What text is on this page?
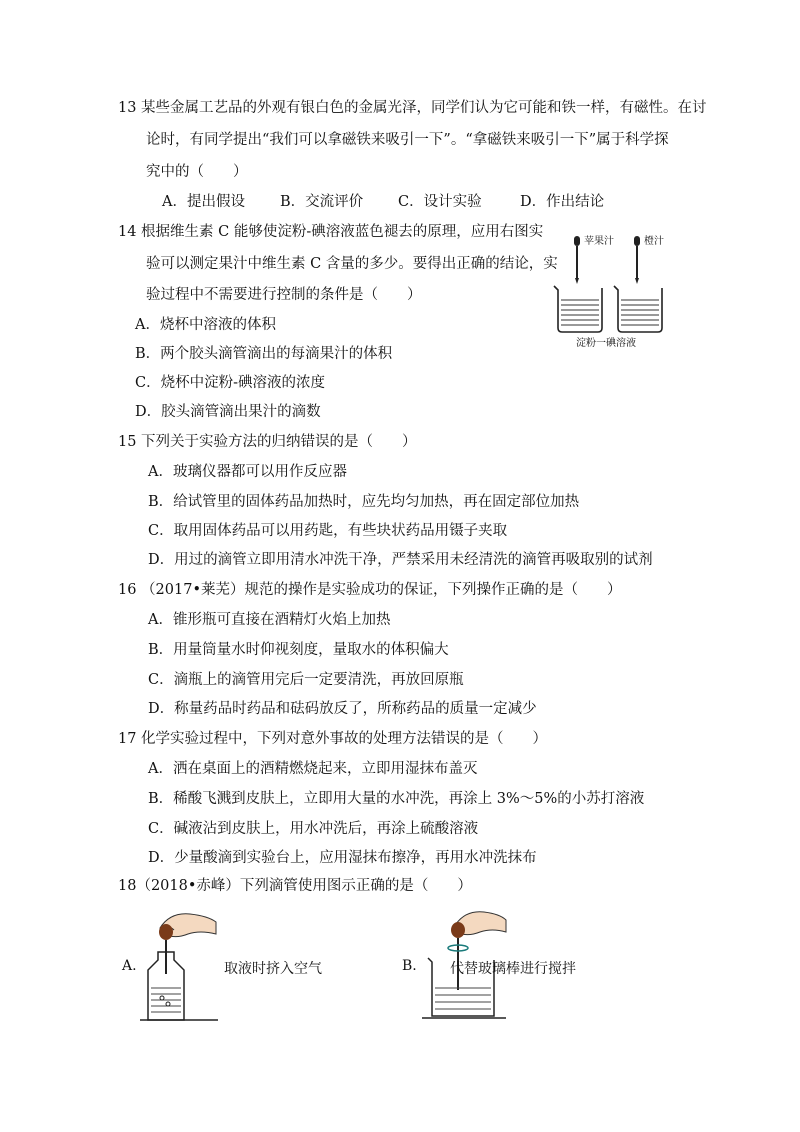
13 某些金属工艺品的外观有银白色的金属光泽，同学们认为它可能和铁一样，有磁性。在讨
论时，有同学提出“我们可以拿磁铁来吸引一下”。“拿磁铁来吸引一下”属于科学探
究中的（　　）
A．提出假设 B．交流评价 C．设计实验	D．作出结论
14 根据维生素 C 能够使淀粉-碘溶液蓝色褪去的原理，应用右图实
验可以测定果汁中维生素 C 含量的多少。要得出正确的结论，实
验过程中不需要进行控制的条件是（　　）
A．烧杯中溶液的体积
B．两个胶头滴管滴出的每滴果汁的体积
C．烧杯中淀粉-碘溶液的浓度
D．胶头滴管滴出果汁的滴数
苹果汁	橙汁
淀粉一碘溶液
15 下列关于实验方法的归纳错误的是（　　）
A．玻璃仪器都可以用作反应器
B．给试管里的固体药品加热时，应先均匀加热，再在固定部位加热
C．取用固体药品可以用药匙，有些块状药品用镊子夹取
D．用过的滴管立即用清水冲洗干净，严禁采用未经清洗的滴管再吸取别的试剂
16 （2017•莱芜）规范的操作是实验成功的保证，下列操作正确的是（　　）
A．锥形瓶可直接在酒精灯火焰上加热
B．用量筒量水时仰视刻度，量取水的体积偏大
C．滴瓶上的滴管用完后一定要清洗，再放回原瓶
D．称量药品时药品和砝码放反了，所称药品的质量一定减少
17 化学实验过程中，下列对意外事故的处理方法错误的是（　　）
A．洒在桌面上的酒精燃烧起来，立即用湿抹布盖灭
B．稀酸飞溅到皮肤上，立即用大量的水冲洗，再涂上 3%～5%的小苏打溶液
C．碱液沾到皮肤上，用水冲洗后，再涂上硫酸溶液
D．少量酸滴到实验台上，应用湿抹布擦净，再用水冲洗抹布
18（2018•赤峰）下列滴管使用图示正确的是（　　）
A.	取液时挤入空气	B. 代替玻璃棒进行搅拌
